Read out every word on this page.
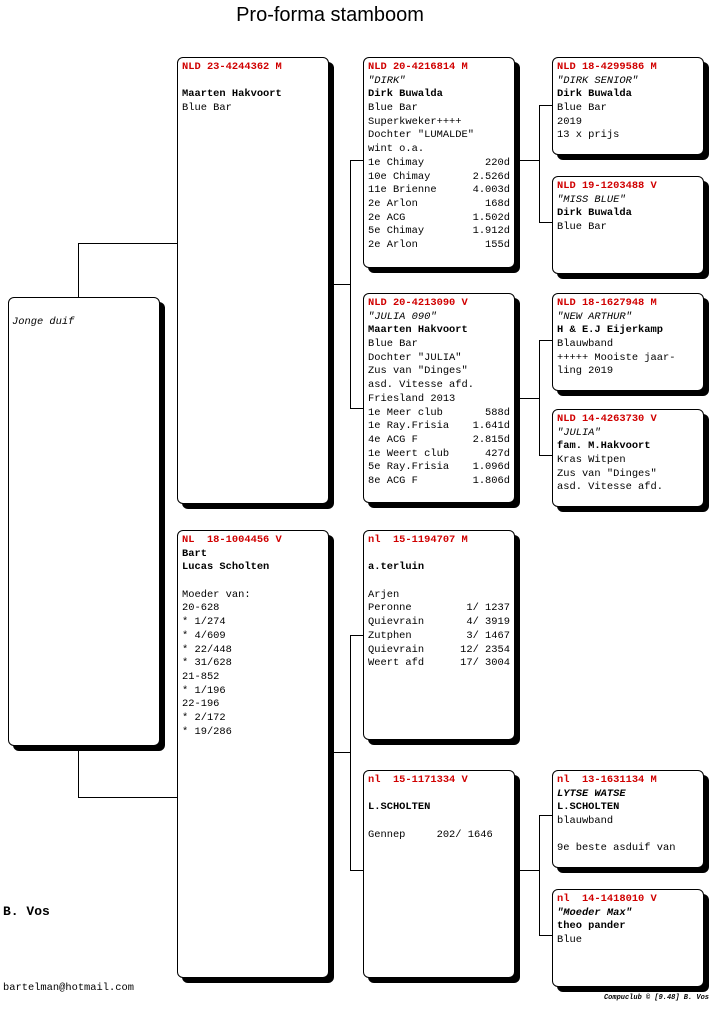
Pro-forma stamboom
Jonge duif
NLD 23-4244362 M
Maarten Hakvoort
Blue Bar
NL  18-1004456 V
Bart
Lucas Scholten
Moeder van:
20-628
* 1/274
* 4/609
* 22/448
* 31/628
21-852
* 1/196
22-196
* 2/172
* 19/286
NLD 20-4216814 M
"DIRK"
Dirk Buwalda
Blue Bar
Superkweker++++
Dochter "LUMALDE"
wint o.a.
1e Chimay	220d
10e Chimay	2.526d
11e Brienne	4.003d
2e Arlon	168d
2e ACG	1.502d
5e Chimay	1.912d
2e Arlon	155d
NLD 20-4213090 V
"JULIA 090"
Maarten Hakvoort
Blue Bar
Dochter "JULIA"
Zus van "Dinges"
asd. Vitesse afd.
Friesland 2013
1e Meer club	588d
1e Ray.Frisia 1.641d
4e ACG F	2.815d
1e Weert club	427d
5e Ray.Frisia 1.096d
8e ACG F	1.806d
nl  15-1194707 M
a.terluin
Arjen
Peronne	1/ 1237
Quievrain	4/ 3919
Zutphen	3/ 1467
Quievrain	12/ 2354
Weert afd	17/ 3004
nl  15-1171334 V
L.SCHOLTEN
Gennep     202/ 1646
NLD 18-4299586 M
"DIRK SENIOR"
Dirk Buwalda
Blue Bar
2019
13 x prijs
NLD 19-1203488 V
"MISS BLUE"
Dirk Buwalda
Blue Bar
NLD 18-1627948 M
"NEW ARTHUR"
H & E.J Eijerkamp
Blauwband
+++++ Mooiste jaar-
ling 2019
NLD 14-4263730 V
"JULIA"
fam. M.Hakvoort
Kras Witpen
Zus van "Dinges"
asd. Vitesse afd.
nl  13-1631134 M
LYTSE WATSE
L.SCHOLTEN
blauwband
9e beste asduif van
nl  14-1418010 V
"Moeder Max"
theo pander
Blue
B. Vos
bartelman@hotmail.com
Compuclub © [9.48] B. Vos
